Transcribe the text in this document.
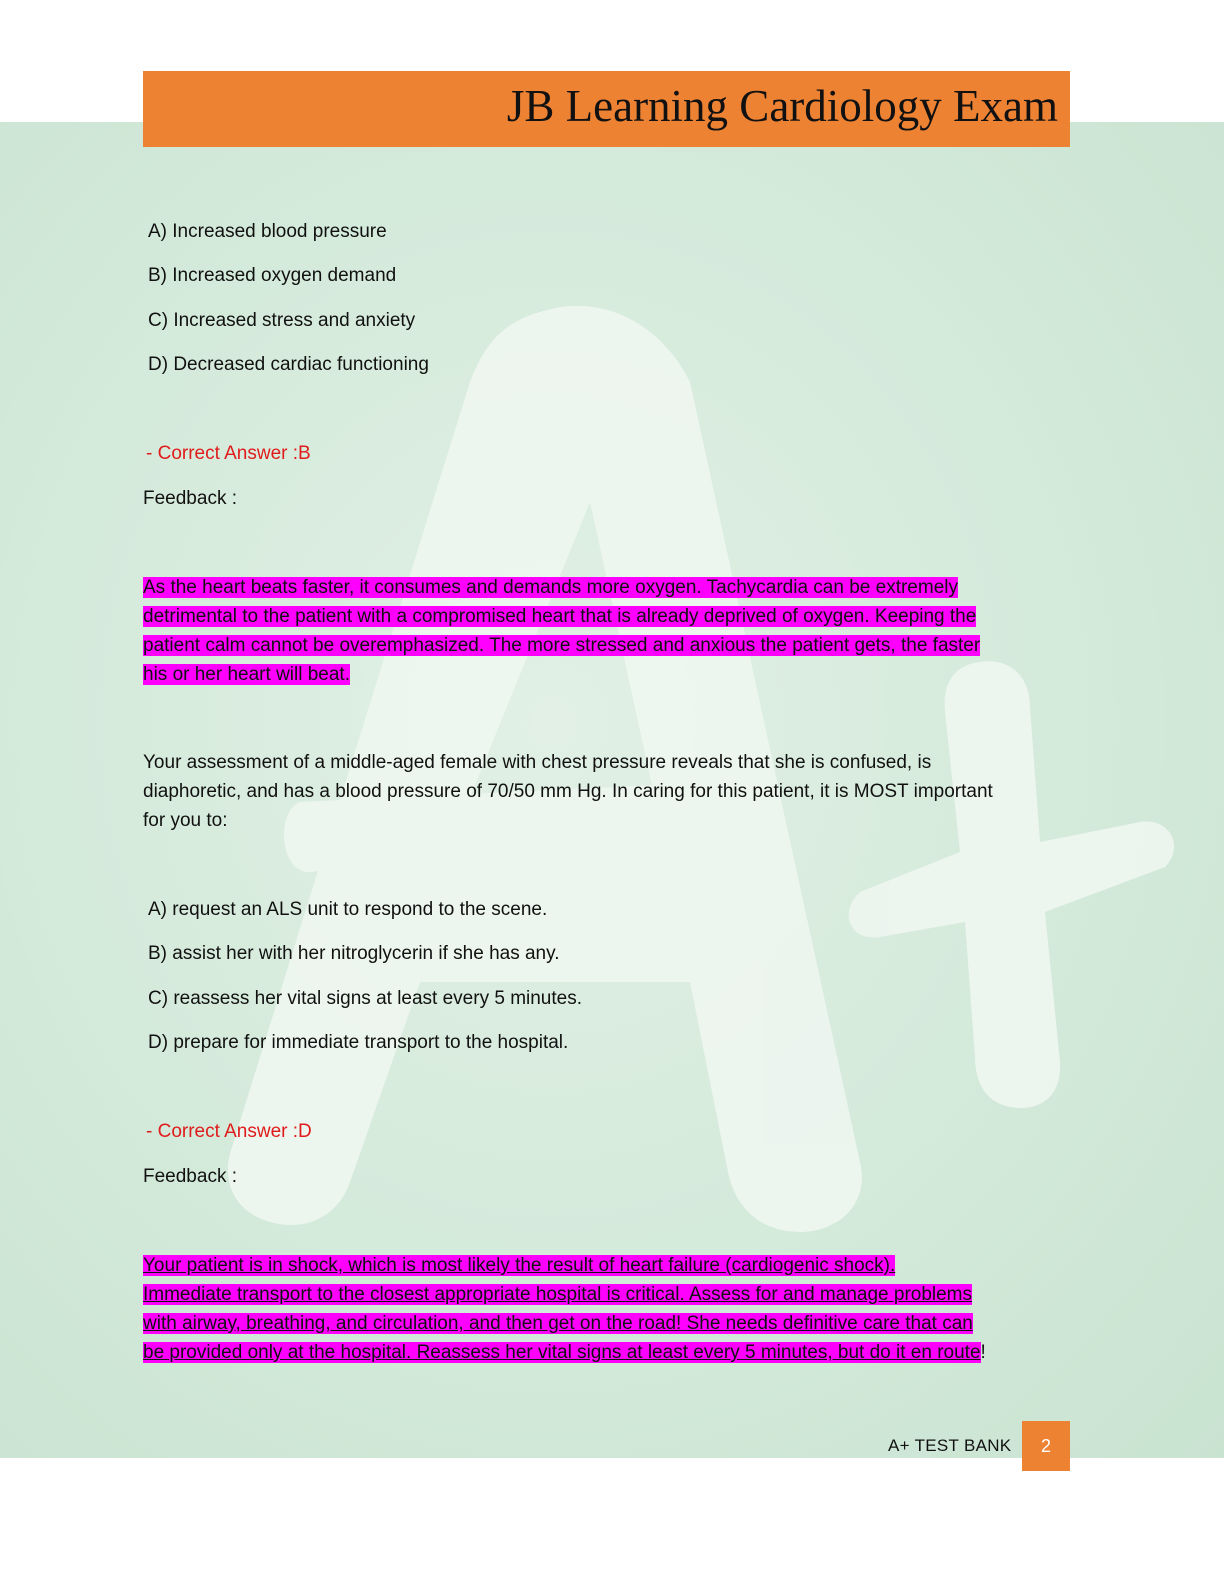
JB Learning Cardiology Exam
A) Increased blood pressure
B) Increased oxygen demand
C) Increased stress and anxiety
D) Decreased cardiac functioning
- Correct Answer :B
Feedback :
As the heart beats faster, it consumes and demands more oxygen. Tachycardia can be extremely
detrimental to the patient with a compromised heart that is already deprived of oxygen. Keeping the
patient calm cannot be overemphasized. The more stressed and anxious the patient gets, the faster
his or her heart will beat.
Your assessment of a middle-aged female with chest pressure reveals that she is confused, is
diaphoretic, and has a blood pressure of 70/50 mm Hg. In caring for this patient, it is MOST important
for you to:
A) request an ALS unit to respond to the scene.
B) assist her with her nitroglycerin if she has any.
C) reassess her vital signs at least every 5 minutes.
D) prepare for immediate transport to the hospital.
- Correct Answer :D
Feedback :
Your patient is in shock, which is most likely the result of heart failure (cardiogenic shock).
Immediate transport to the closest appropriate hospital is critical. Assess for and manage problems
with airway, breathing, and circulation, and then get on the road! She needs definitive care that can
be provided only at the hospital. Reassess her vital signs at least every 5 minutes, but do it en route!
A+ TEST BANK	2
